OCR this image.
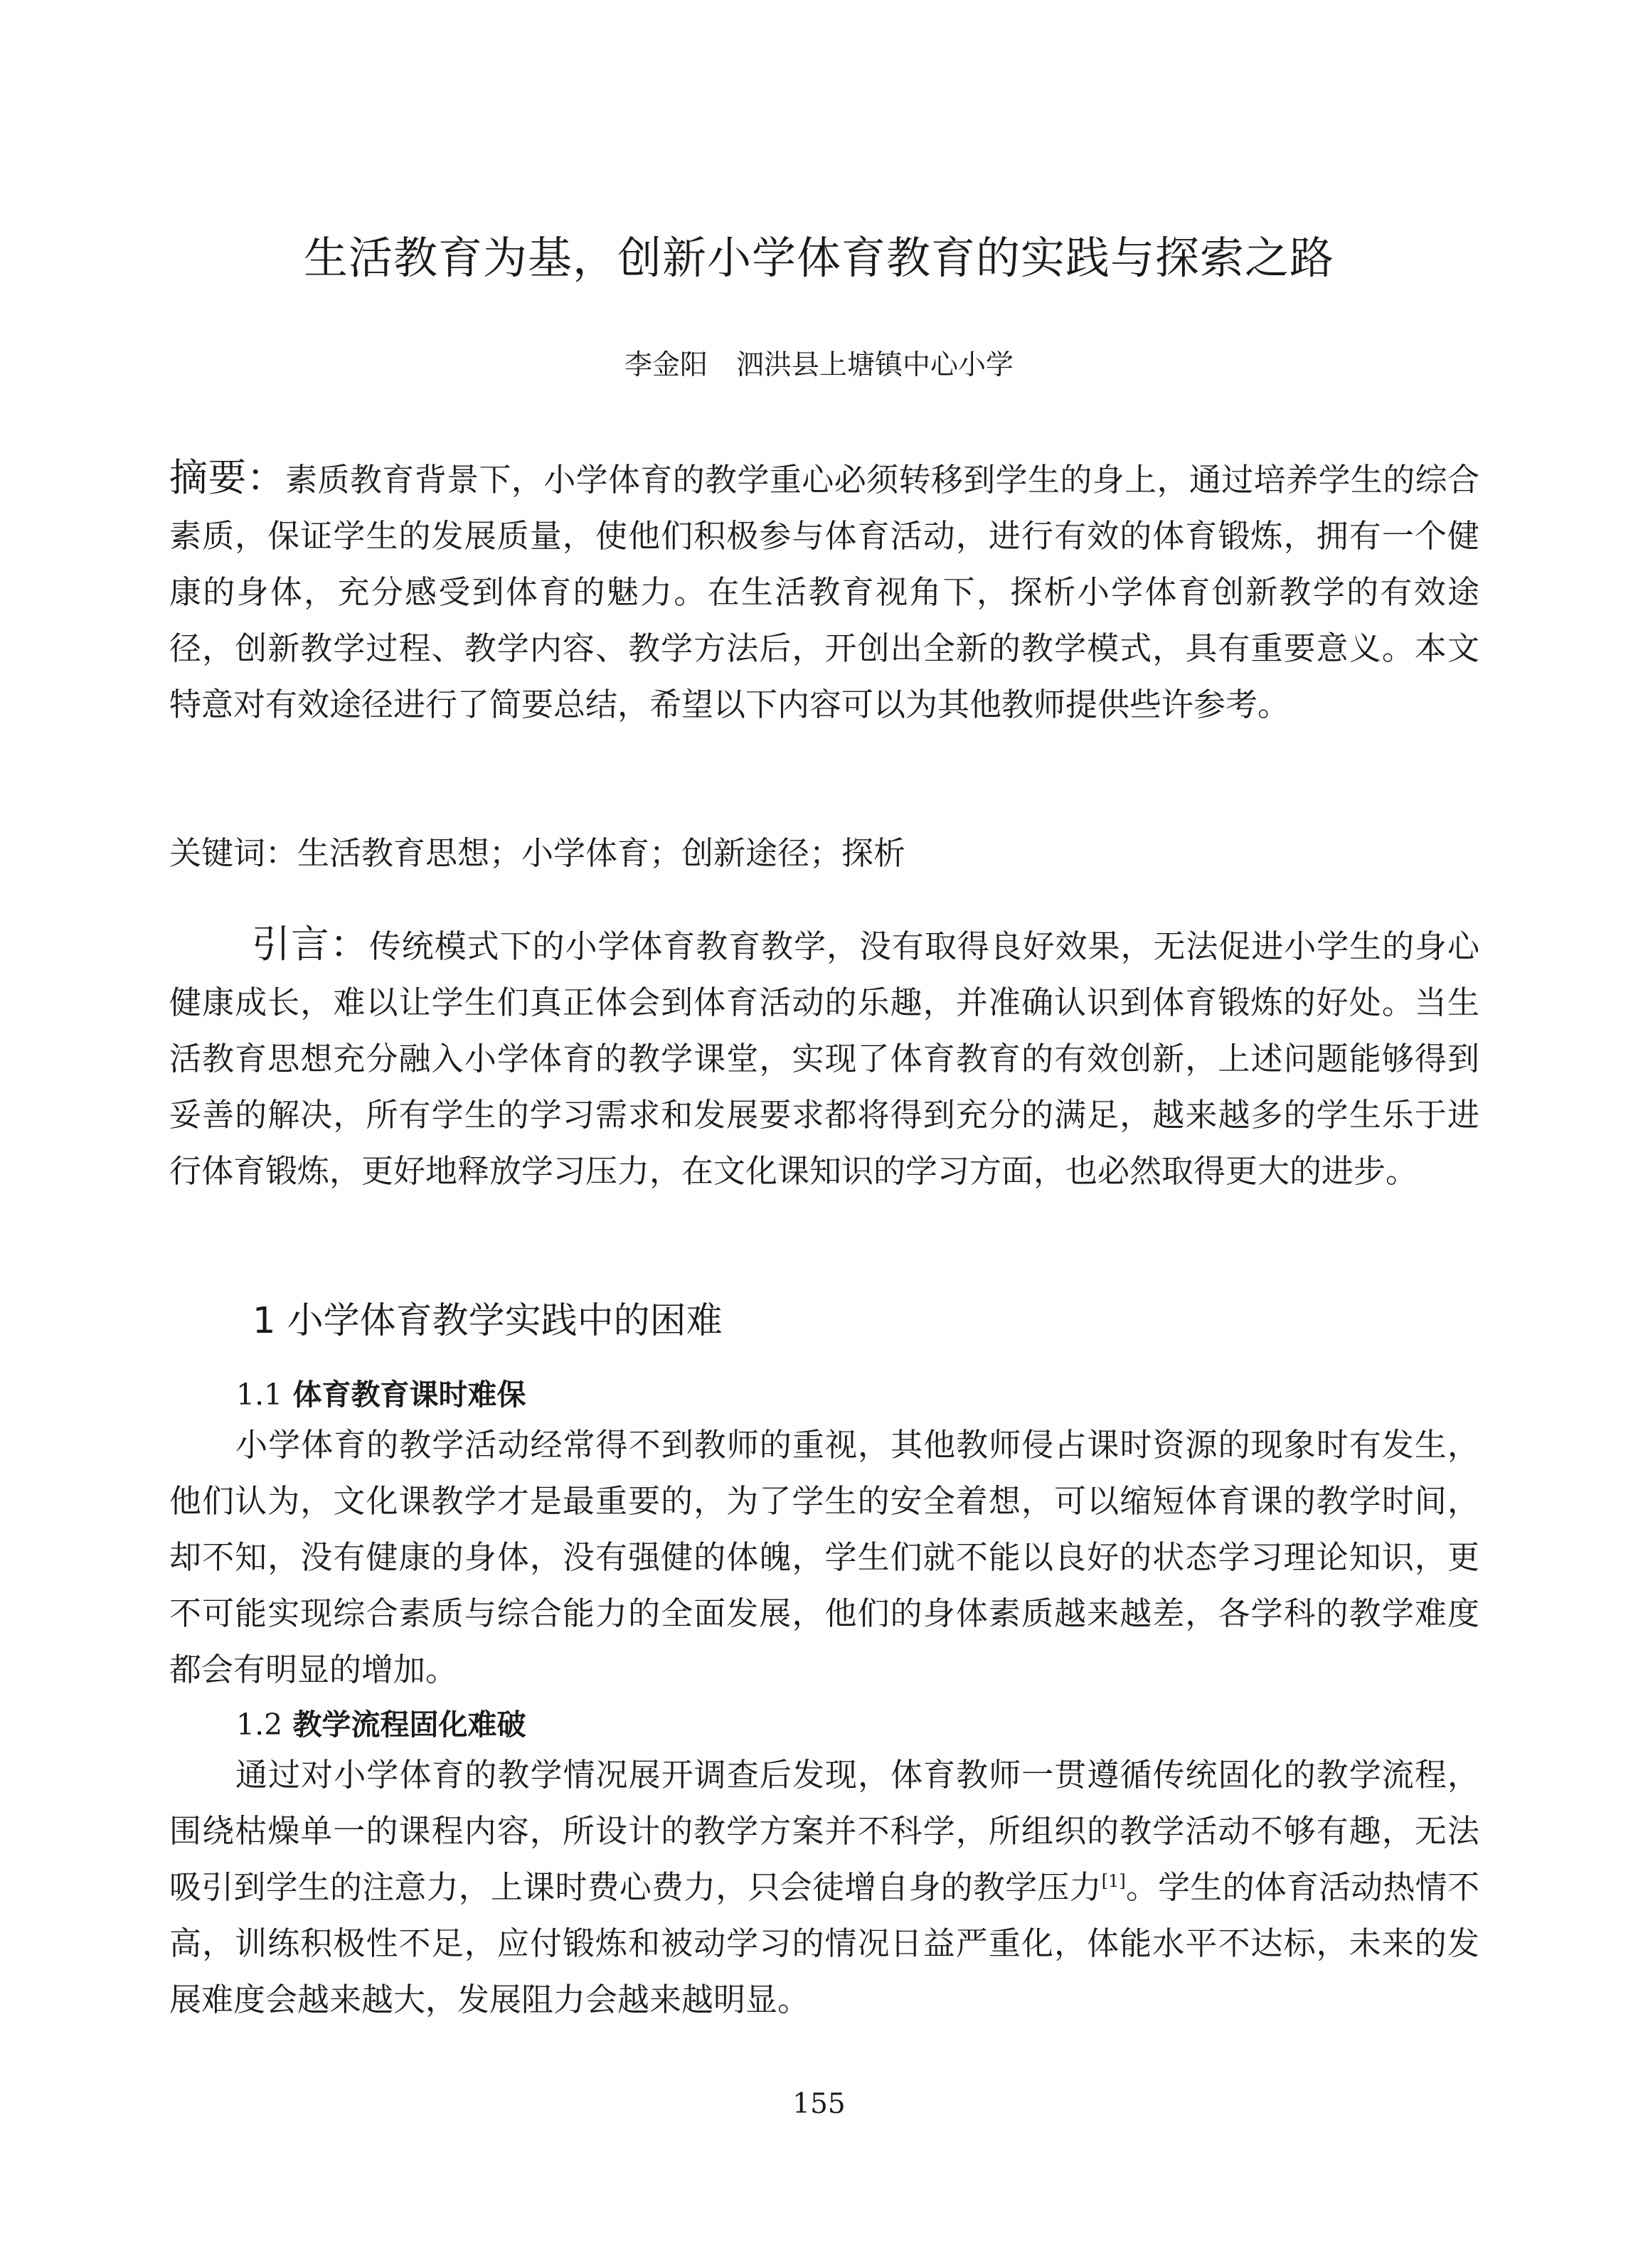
生活教育为基，创新小学体育教育的实践与探索之路
李金阳 泗洪县上塘镇中心小学

摘要：素质教育背景下，小学体育的教学重心必须转移到学生的身上，通过培养学生的综合素质，保证学生的发展质量，使他们积极参与体育活动，进行有效的体育锻炼，拥有一个健康的身体，充分感受到体育的魅力。在生活教育视角下，探析小学体育创新教学的有效途径，创新教学过程、教学内容、教学方法后，开创出全新的教学模式，具有重要意义。本文特意对有效途径进行了简要总结，希望以下内容可以为其他教师提供些许参考。

关键词：生活教育思想；小学体育；创新途径；探析

引言：传统模式下的小学体育教育教学，没有取得良好效果，无法促进小学生的身心健康成长，难以让学生们真正体会到体育活动的乐趣，并准确认识到体育锻炼的好处。当生活教育思想充分融入小学体育的教学课堂，实现了体育教育的有效创新，上述问题能够得到妥善的解决，所有学生的学习需求和发展要求都将得到充分的满足，越来越多的学生乐于进行体育锻炼，更好地释放学习压力，在文化课知识的学习方面，也必然取得更大的进步。

1 小学体育教学实践中的困难
1.1 体育教育课时难保

小学体育的教学活动经常得不到教师的重视，其他教师侵占课时资源的现象时有发生，他们认为，文化课教学才是最重要的，为了学生的安全着想，可以缩短体育课的教学时间，却不知，没有健康的身体，没有强健的体魄，学生们就不能以良好的状态学习理论知识，更不可能实现综合素质与综合能力的全面发展，他们的身体素质越来越差，各学科的教学难度都会有明显的增加。

1.2 教学流程固化难破

通过对小学体育的教学情况展开调查后发现，体育教师一贯遵循传统固化的教学流程，围绕枯燥单一的课程内容，所设计的教学方案并不科学，所组织的教学活动不够有趣，无法吸引到学生的注意力，上课时费心费力，只会徒增自身的教学压力[1]。学生的体育活动热情不高，训练积极性不足，应付锻炼和被动学习的情况日益严重化，体能水平不达标，未来的发展难度会越来越大，发展阻力会越来越明显。

155
